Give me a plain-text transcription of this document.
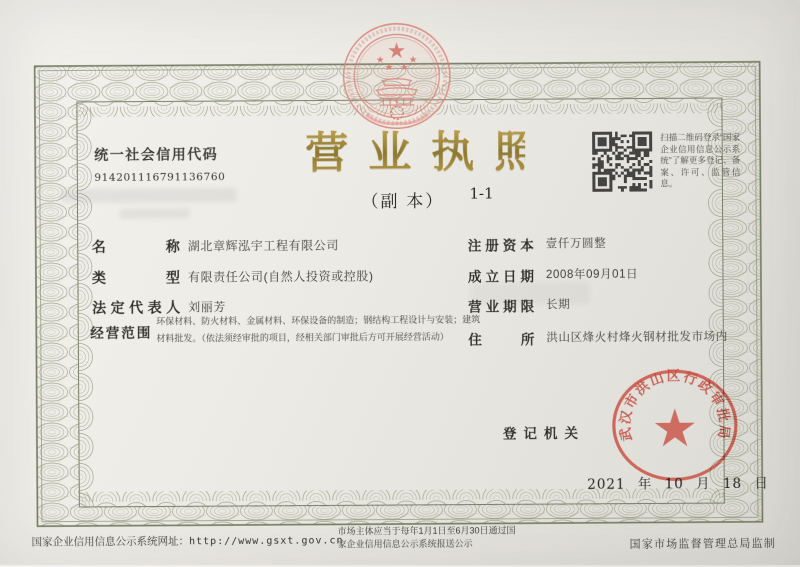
统一社会信用代码
914201116791136760	营业执照
（副 本） 1-1
扫描二维码登录“国家企业信用信息公示系统”了解更多登记、备案、许可、监管信息。
名称 湖北章辉泓宇工程有限公司
类型 有限责任公司(自然人投资或控股)
法定代表人 刘丽芳
经营范围
环保材料、防火材料、金属材料、环保设备的制造；钢结构工程设计与安装；建筑材料批发。（依法须经审批的项目，经相关部门审批后方可开展经营活动）
注册资本 壹仟万圆整
成立日期 2008年09月01日
营业期限 长期
住所 洪山区烽火村烽火钢材批发市场内
登记机关
2021 年 10 月 18 日
武汉市洪山区行政审批局
国家企业信用信息公示系统网址：http://www.gsxt.gov.cn
市场主体应当于每年1月1日至6月30日通过国家企业信用信息公示系统报送公示	国家市场监督管理总局监制
